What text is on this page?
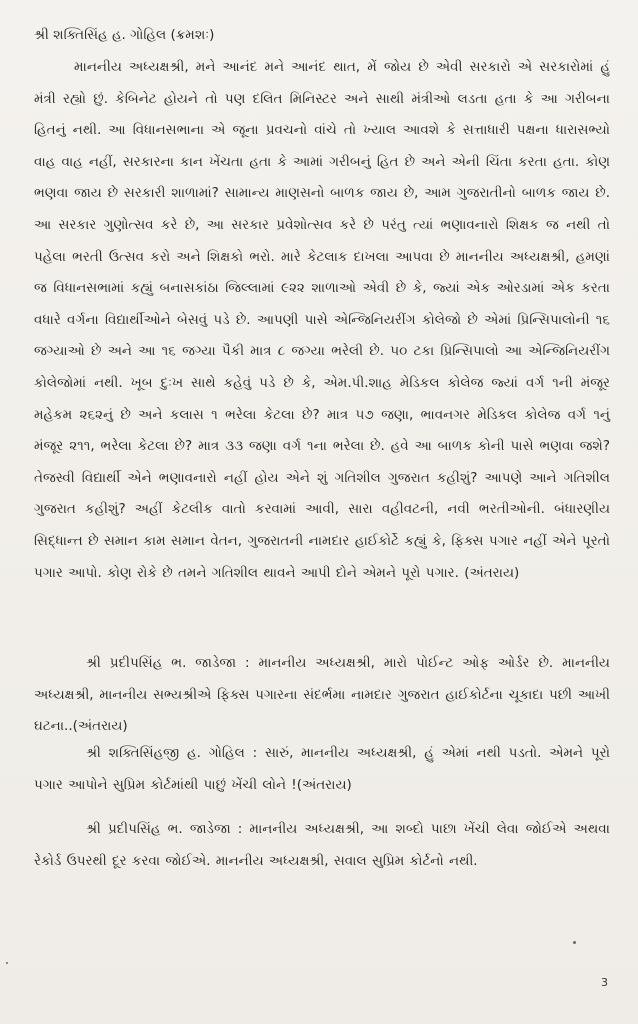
શ્રી શક્તિસિંહ હ. ગોહિલ (ક્રમશઃ)
માનનીય અધ્યક્ષશ્રી, મને આનંદ મને આનંદ થાત, મેં જોય છે એવી સરકારો એ સરકારોમાં હું મંત્રી રહ્યો છું. કેબિનેટ હોયને તો પણ દલિત મિનિસ્ટર અને સાથી મંત્રીઓ લડતા હતા કે આ ગરીબના હિતનું નથી. આ વિધાનસભાના એ જૂના પ્રવચનો વાંચે તો ખ્યાલ આવશે કે સત્તાધારી પક્ષના ધારાસભ્યો વાહ વાહ નહીં, સરકારના કાન ખેંચતા હતા કે આમાં ગરીબનું હિત છે અને એની ચિંતા કરતા હતા. કોણ ભણવા જાય છે સરકારી શાળામાં? સામાન્ય માણસનો બાળક જાય છે, આમ ગુજરાતીનો બાળક જાય છે. આ સરકાર ગુણોત્સવ કરે છે, આ સરકાર પ્રવેશોત્સવ કરે છે પરંતુ ત્યાં ભણાવનારો શિક્ષક જ નથી તો પહેલા ભરતી ઉત્સવ કરો અને શિક્ષકો ભરો. મારે કેટલાક દાખલા આપવા છે માનનીય અધ્યક્ષશ્રી, હમણાં જ વિધાનસભામાં કહ્યું બનાસકાંઠા જિલ્લામાં ૯૨૨ શાળાઓ એવી છે કે, જ્યાં એક ઓરડામાં એક કરતા વધારે વર્ગના વિદ્યાર્થીઓને બેસવું પડે છે. આપણી પાસે એન્જિનિયરીંગ કોલેજો છે એમાં પ્રિન્સિપાલોની ૧૬ જગ્યાઓ છે અને આ ૧૬ જગ્યા પૈકી માત્ર ૮ જગ્યા ભરેલી છે. ૫૦ ટકા પ્રિન્સિપાલો આ એન્જિનિયરીંગ કોલેજોમાં નથી. ખૂબ દુઃખ સાથે કહેવું પડે છે કે, એમ.પી.શાહ મેડિકલ કોલેજ જ્યાં વર્ગ ૧ની મંજૂર મહેકમ ૨૬૨નું છે અને કલાસ ૧ ભરેલા કેટલા છે? માત્ર ૫૭ જણા, ભાવનગર મેડિકલ કોલેજ વર્ગ ૧નું મંજૂર ૨૧૧, ભરેલા કેટલા છે? માત્ર ૩૩ જણા વર્ગ ૧ના ભરેલા છે. હવે આ બાળક કોની પાસે ભણવા જશે? તેજસ્વી વિદ્યાર્થી એને ભણાવનારો નહીં હોય એને શું ગતિશીલ ગુજરાત કહીશું? આપણે આને ગતિશીલ ગુજરાત કહીશું? અહીં કેટલીક વાતો કરવામાં આવી, સારા વહીવટની, નવી ભરતીઓની. બંધારણીય સિદ્ધાન્ત છે સમાન કામ સમાન વેતન, ગુજરાતની નામદાર હાઈકોર્ટે કહ્યું કે, ફિક્સ પગાર નહીં એને પૂરતો પગાર આપો. કોણ રોકે છે તમને ગતિશીલ થાવને આપી દોને એમને પૂરો પગાર. (અંતરાય)
શ્રી પ્રદીપસિંહ ભ. જાડેજા : માનનીય અધ્યક્ષશ્રી, મારો પોઈન્ટ ઓફ ઓર્ડર છે. માનનીય અધ્યક્ષશ્રી, માનનીય સભ્યશ્રીએ ફિક્સ પગારના સંદર્ભમા નામદાર ગુજરાત હાઈકોર્ટના ચૂકાદા પછી આખી ઘટના..(અંતરાય)
શ્રી શક્તિસિંહજી હ. ગોહિલ : સારું, માનનીય અધ્યક્ષશ્રી, હું એમાં નથી પડતો. એમને પૂરો પગાર આપોને સુપ્રિમ કોર્ટમાંથી પાછું ખેંચી લોને !(અંતરાય)
શ્રી પ્રદીપસિંહ ભ. જાડેજા : માનનીય અધ્યક્ષશ્રી, આ શબ્દો પાછા ખેંચી લેવા જોઈએ અથવા રેકોર્ડ ઉપરથી દૂર કરવા જોઈએ. માનનીય અધ્યક્ષશ્રી, સવાલ સુપ્રિમ કોર્ટનો નથી.
3
